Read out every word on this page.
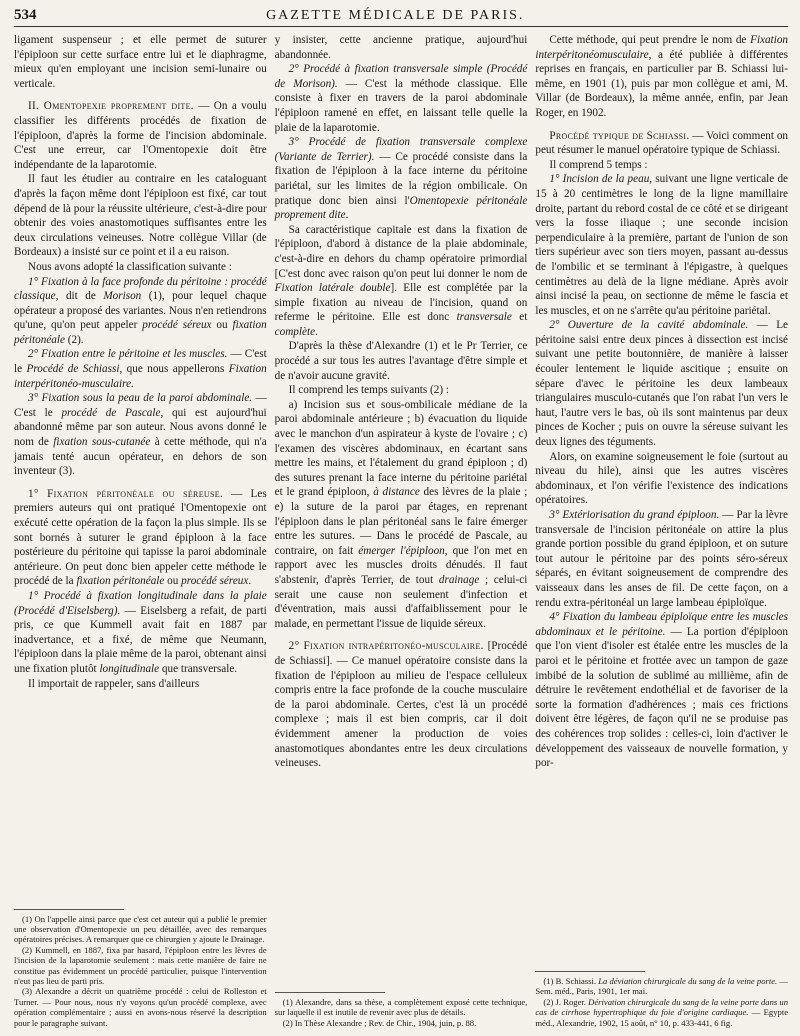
534	GAZETTE MÉDICALE DE PARIS.

ligament suspenseur ; et elle permet de suturer l'épiploon sur cette surface entre lui et le diaphragme, mieux qu'en employant une incision semi-lunaire ou verticale.

II. Omentopexie proprement dite. — On a voulu classifier les différents procédés de fixation de l'épiploon, d'après la forme de l'incision abdominale. C'est une erreur, car l'Omentopexie doit être indépendante de la laparotomie.

Il faut les étudier au contraire en les cataloguant d'après la façon même dont l'épiploon est fixé, car tout dépend de là pour la réussite ultérieure, c'est-à-dire pour obtenir des voies anastomotiques suffisantes entre les deux circulations veineuses. Notre collègue Villar (de Bordeaux) a insisté sur ce point et il a eu raison.

Nous avons adopté la classification suivante :

1° Fixation à la face profonde du péritoine : procédé classique, dit de Morison (1), pour lequel chaque opérateur a proposé des variantes. Nous n'en retiendrons qu'une, qu'on peut appeler procédé séreux ou fixation péritonéale (2).

2° Fixation entre le péritoine et les muscles. — C'est le Procédé de Schiassi, que nous appellerons Fixation interpéritonéo-musculaire.

3° Fixation sous la peau de la paroi abdominale. — C'est le procédé de Pascale, qui est aujourd'hui abandonné même par son auteur. Nous avons donné le nom de fixation sous-cutanée à cette méthode, qui n'a jamais tenté aucun opérateur, en dehors de son inventeur (3).

1° Fixation péritonéale ou séreuse. — Les premiers auteurs qui ont pratiqué l'Omentopexie ont exécuté cette opération de la façon la plus simple. Ils se sont bornés à suturer le grand épiploon à la face postérieure du péritoine qui tapisse la paroi abdominale antérieure. On peut donc bien appeler cette méthode le procédé de la fixation péritonéale ou procédé séreux.

1° Procédé à fixation longitudinale dans la plaie (Procédé d'Eiselsberg). — Eiselsberg a refait, de parti pris, ce que Kummell avait fait en 1887 par inadvertance, et a fixé, de même que Neumann, l'épiploon dans la plaie même de la paroi, obtenant ainsi une fixation plutôt longitudinale que transversale.

Il importait de rappeler, sans d'ailleurs

(1) On l'appelle ainsi parce que c'est cet auteur qui a publié le premier une observation d'Omentopexie un peu détaillée, avec des remarques opératoires précises. A remarquer que ce chirurgien y ajoute le Drainage.

(2) Kummell, en 1887, fixa par hasard, l'épiploon entre les lèvres de l'incision de la laparotomie seulement : mais cette manière de faire ne constitue pas évidemment un procédé particulier, puisque l'intervention n'eut pas lieu de parti pris.

(3) Alexandre a décrit un quatrième procédé : celui de Rolleston et Turner. — Pour nous, nous n'y voyons qu'un procédé complexe, avec opération complémentaire ; aussi en avons-nous réservé la description pour le paragraphe suivant.

y insister, cette ancienne pratique, aujourd'hui abandonnée.

2° Procédé à fixation transversale simple (Procédé de Morison). — C'est la méthode classique. Elle consiste à fixer en travers de la paroi abdominale l'épiploon ramené en effet, en laissant telle quelle la plaie de la laparotomie.

3° Procédé de fixation transversale complexe (Variante de Terrier). — Ce procédé consiste dans la fixation de l'épiploon à la face interne du péritoine pariétal, sur les limites de la région ombilicale. On pratique donc bien ainsi l'Omentopexie péritonéale proprement dite.

Sa caractéristique capitale est dans la fixation de l'épiploon, d'abord à distance de la plaie abdominale, c'est-à-dire en dehors du champ opératoire primordial [C'est donc avec raison qu'on peut lui donner le nom de Fixation latérale double]. Elle est complétée par la simple fixation au niveau de l'incision, quand on referme le péritoine. Elle est donc transversale et complète.

D'après la thèse d'Alexandre (1) et le Pr Terrier, ce procédé a sur tous les autres l'avantage d'être simple et de n'avoir aucune gravité.

Il comprend les temps suivants (2) :

a) Incision sus et sous-ombilicale médiane de la paroi abdominale antérieure ; b) évacuation du liquide avec le manchon d'un aspirateur à kyste de l'ovaire ; c) l'examen des viscères abdominaux, en écartant sans mettre les mains, et l'étalement du grand épiploon ; d) des sutures prenant la face interne du péritoine pariétal et le grand épiploon, à distance des lèvres de la plaie ; e) la suture de la paroi par étages, en reprenant l'épiploon dans le plan péritonéal sans le faire émerger entre les sutures. — Dans le procédé de Pascale, au contraire, on fait émerger l'épiploon, que l'on met en rapport avec les muscles droits dénudés. Il faut s'abstenir, d'après Terrier, de tout drainage ; celui-ci serait une cause non seulement d'infection et d'éventration, mais aussi d'affaiblissement pour le malade, en permettant l'issue de liquide séreux.

2° Fixation intrapéritonéo-musculaire. [Procédé de Schiassi]. — Ce manuel opératoire consiste dans la fixation de l'épiploon au milieu de l'espace celluleux compris entre la face profonde de la couche musculaire de la paroi abdominale. Certes, c'est là un procédé complexe ; mais il est bien compris, car il doit évidemment amener la production de voies anastomotiques abondantes entre les deux circulations veineuses.

(1) Alexandre, dans sa thèse, a complètement exposé cette technique, sur laquelle il est inutile de revenir avec plus de détails.

(2) In Thèse Alexandre ; Rev. de Chir., 1904, juin, p. 88.

Cette méthode, qui peut prendre le nom de Fixation interpéritonéomusculaire, a été publiée à différentes reprises en français, en particulier par B. Schiassi lui-même, en 1901 (1), puis par mon collègue et ami, M. Villar (de Bordeaux), la même année, enfin, par Jean Roger, en 1902.

Procédé typique de Schiassi. — Voici comment on peut résumer le manuel opératoire typique de Schiassi.

Il comprend 5 temps :

1° Incision de la peau, suivant une ligne verticale de 15 à 20 centimètres le long de la ligne mamillaire droite, partant du rebord costal de ce côté et se dirigeant vers la fosse iliaque ; une seconde incision perpendiculaire à la première, partant de l'union de son tiers supérieur avec son tiers moyen, passant au-dessus de l'ombilic et se terminant à l'épigastre, à quelques centimètres au delà de la ligne médiane. Après avoir ainsi incisé la peau, on sectionne de même le fascia et les muscles, et on ne s'arrête qu'au péritoine pariétal.

2° Ouverture de la cavité abdominale. — Le péritoine saisi entre deux pinces à dissection est incisé suivant une petite boutonnière, de manière à laisser écouler lentement le liquide ascitique ; ensuite on sépare d'avec le péritoine les deux lambeaux triangulaires musculo-cutanés que l'on rabat l'un vers le haut, l'autre vers le bas, où ils sont maintenus par deux pinces de Kocher ; puis on ouvre la séreuse suivant les deux lignes des téguments.

Alors, on examine soigneusement le foie (surtout au niveau du hile), ainsi que les autres viscères abdominaux, et l'on vérifie l'existence des indications opératoires.

3° Extériorisation du grand épiploon. — Par la lèvre transversale de l'incision péritonéale on attire la plus grande portion possible du grand épiploon, et on suture tout autour le péritoine par des points séro-séreux séparés, en évitant soigneusement de comprendre des vaisseaux dans les anses de fil. De cette façon, on a rendu extra-péritonéal un large lambeau épiploïque.

4° Fixation du lambeau épiploïque entre les muscles abdominaux et le péritoine. — La portion d'épiploon que l'on vient d'isoler est étalée entre les muscles de la paroi et le péritoine et frottée avec un tampon de gaze imbibé de la solution de sublimé au millième, afin de détruire le revêtement endothélial et de favoriser de la sorte la formation d'adhérences ; mais ces frictions doivent être légères, de façon qu'il ne se produise pas des cohérences trop solides : celles-ci, loin d'activer le développement des vaisseaux de nouvelle formation, y por-

(1) B. Schiassi. La déviation chirurgicale du sang de la veine porte. — Sem. méd., Paris, 1901, 1er mai.

(2) J. Roger. Dérivation chirurgicale du sang de la veine porte dans un cas de cirrhose hypertrophique du foie d'origine cardiaque. — Egypte méd., Alexandrie, 1902, 15 août, n° 10, p. 433-441, 6 fig.
